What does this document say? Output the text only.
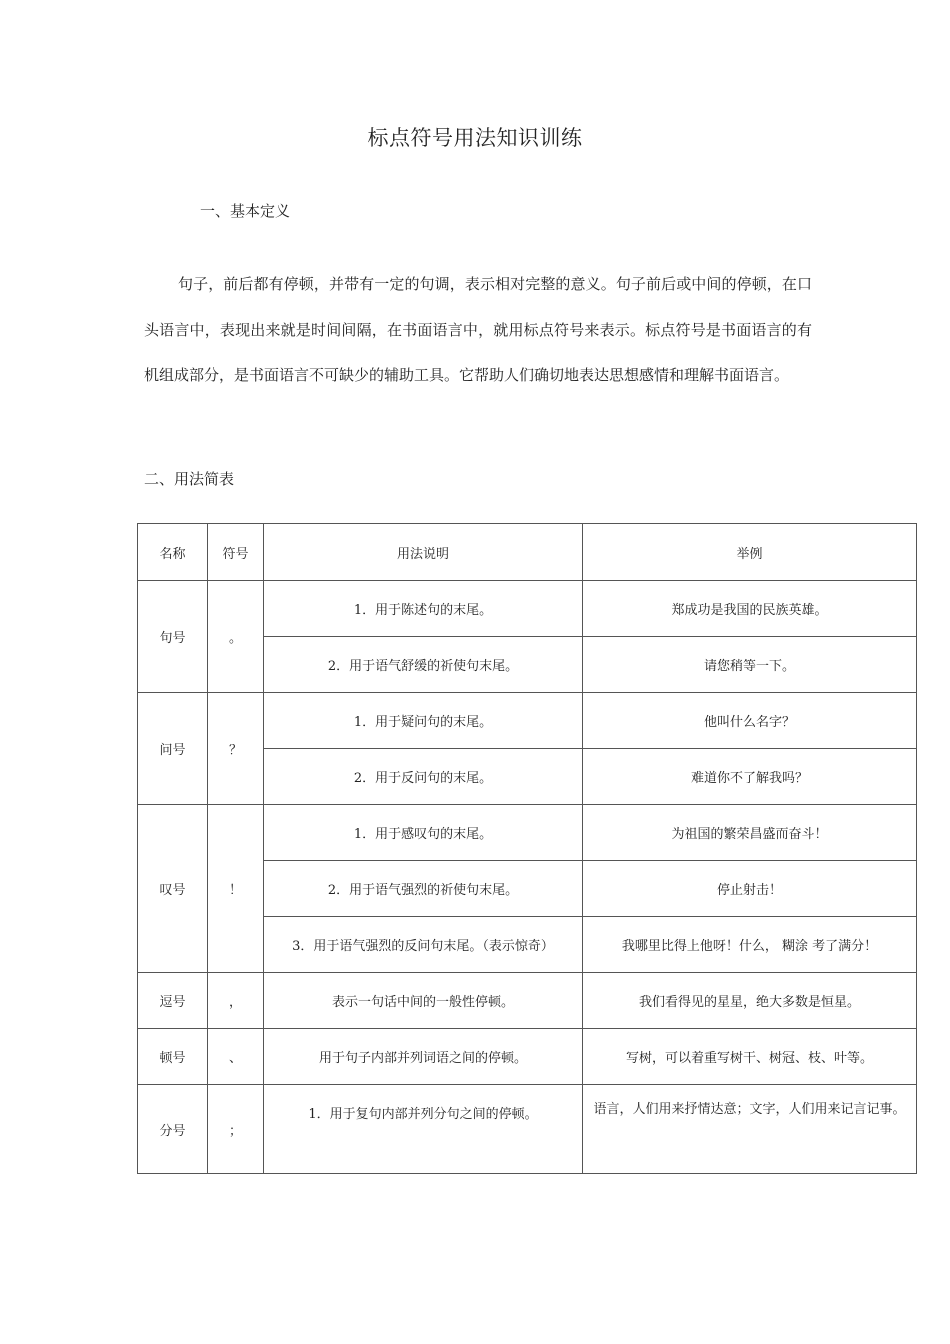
标点符号用法知识训练
一、基本定义

句子，前后都有停顿，并带有一定的句调，表示相对完整的意义。句子前后或中间的停顿，在口头语言中，表现出来就是时间间隔，在书面语言中，就用标点符号来表示。标点符号是书面语言的有机组成部分，是书面语言不可缺少的辅助工具。它帮助人们确切地表达思想感情和理解书面语言。

二、用法简表
名称	符号	用法说明	举例
句号	。	1．用于陈述句的末尾。	郑成功是我国的民族英雄。
		2．用于语气舒缓的祈使句末尾。	请您稍等一下。
问号	？	1．用于疑问句的末尾。	他叫什么名字？
		2．用于反问句的末尾。	难道你不了解我吗？
叹号	！	1．用于感叹句的末尾。	为祖国的繁荣昌盛而奋斗！
		2．用于语气强烈的祈使句末尾。	停止射击！
		3．用于语气强烈的反问句末尾。（表示惊奇）	我哪里比得上他呀！什么， 糊涂 考了满分！
逗号	，	表示一句话中间的一般性停顿。	我们看得见的星星，绝大多数是恒星。
顿号	、	用于句子内部并列词语之间的停顿。	写树，可以着重写树干、树冠、枝、叶等。
分号	；	1．用于复句内部并列分句之间的停顿。	语言，人们用来抒情达意；文字，人们用来记言记事。
